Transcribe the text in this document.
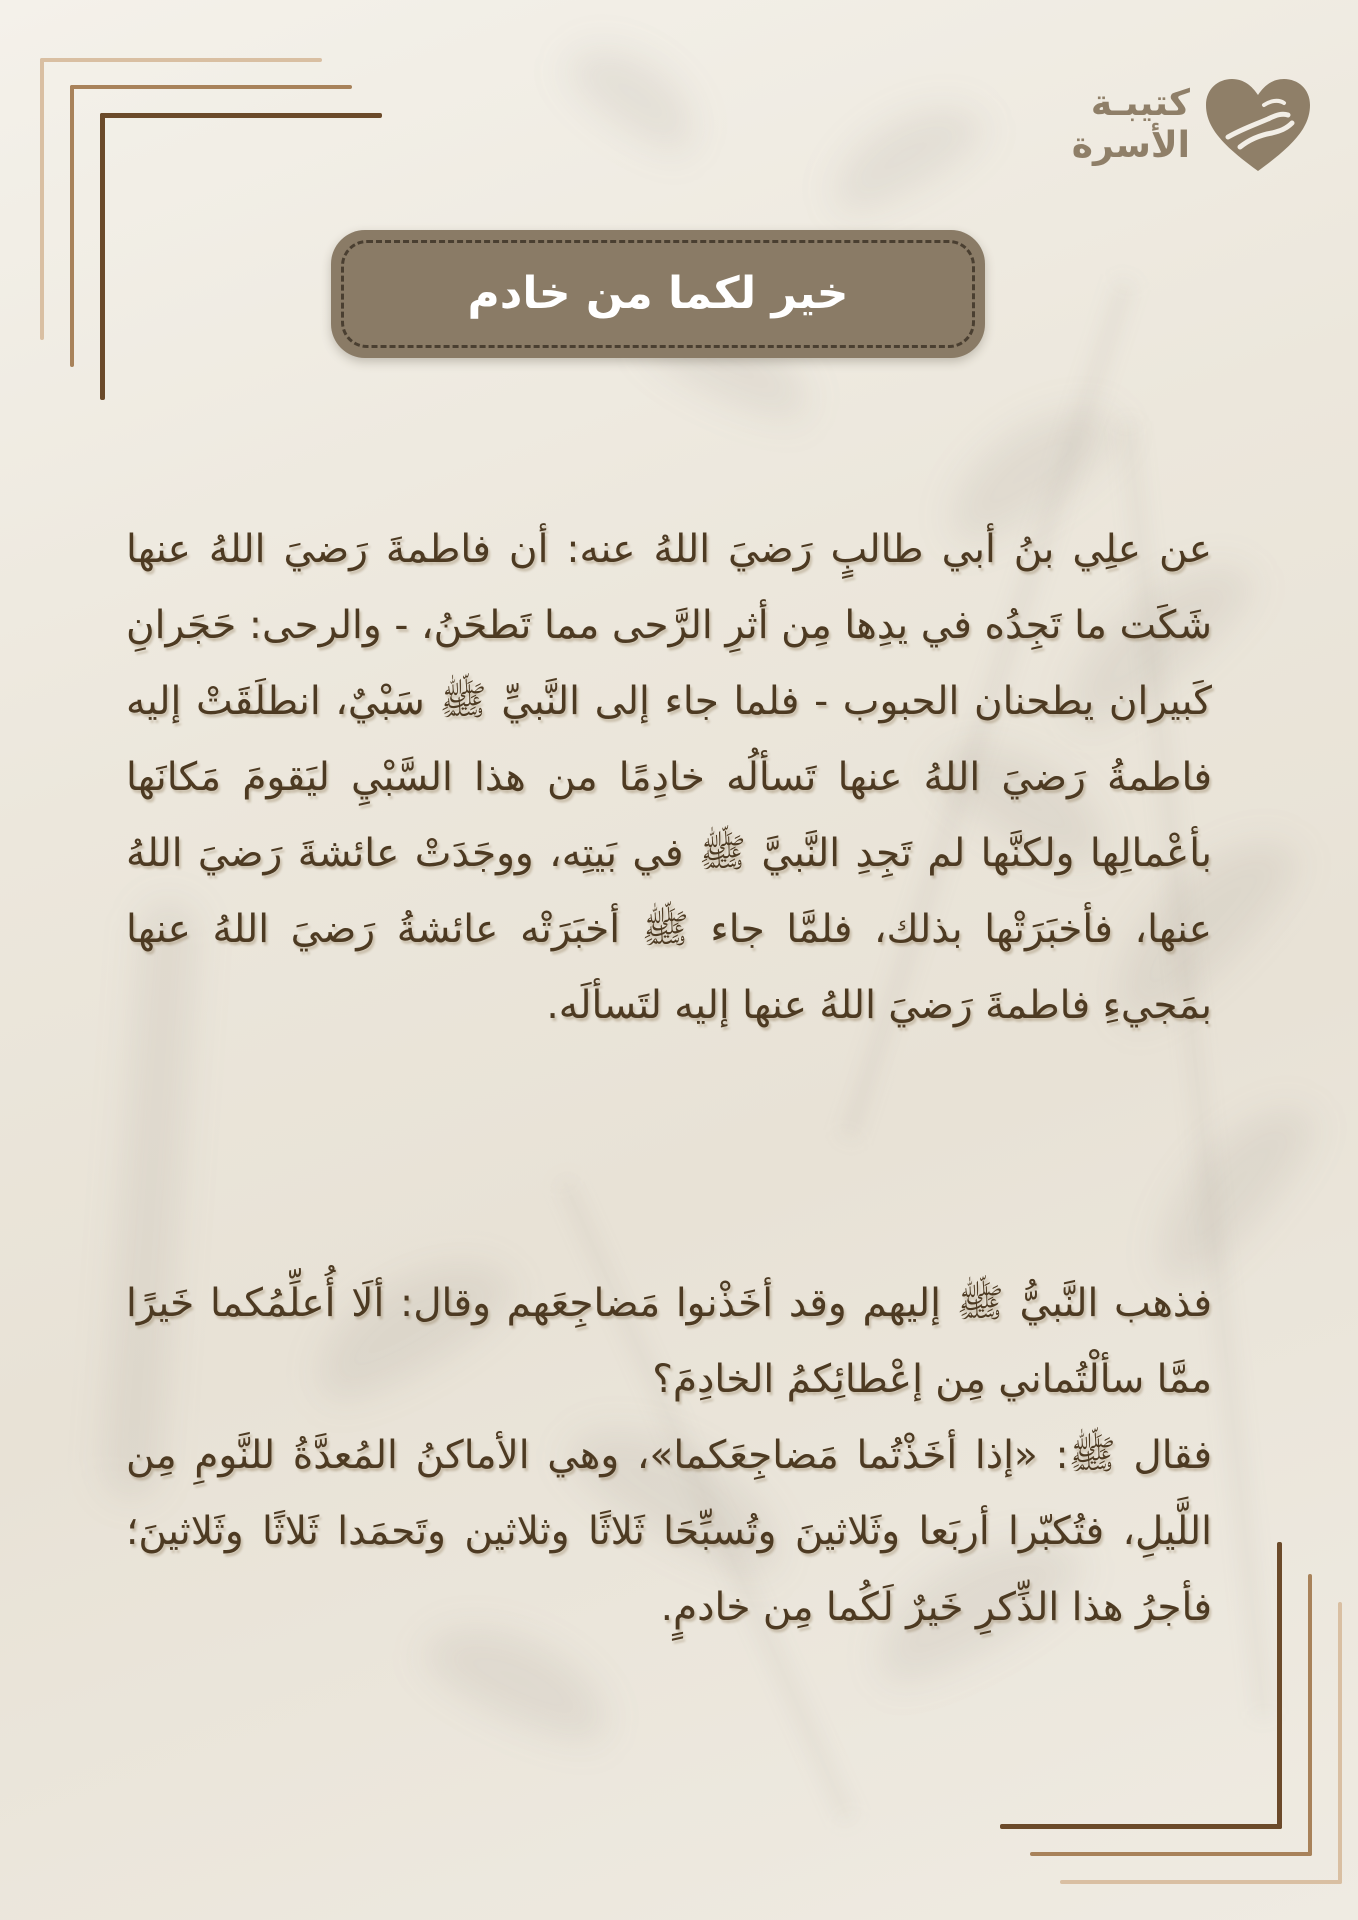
كتيبـة
الأسرة
خير لكما من خادم

عن علِي بنُ أبي طالبٍ رَضيَ اللهُ عنه: أن فاطمةَ رَضيَ اللهُ عنها شَكَت ما تَجِدُه في يدِها مِن أثرِ الرَّحى مما تَطحَنُ، - والرحى: حَجَرانِ كَبيران يطحنان الحبوب - فلما جاء إلى النَّبيِّ ﷺ سَبْيٌ، انطلَقَتْ إليه فاطمةُ رَضيَ اللهُ عنها تَسألُه خادِمًا من هذا السَّبْيِ ليَقومَ مَكانَها بأعْمالِها ولكنَّها لم تَجِدِ النَّبيَّ ﷺ في بَيتِه، ووجَدَتْ عائشةَ رَضيَ اللهُ عنها، فأخبَرَتْها بذلك، فلمَّا جاء ﷺ أخبَرَتْه عائشةُ رَضيَ اللهُ عنها بمَجيءِ فاطمةَ رَضيَ اللهُ عنها إليه لتَسألَه.

فذهب النَّبيُّ ﷺ إليهم وقد أخَذْنوا مَضاجِعَهم وقال: ألَا أُعلِّمُكما خَيرًا ممَّا سألْتُماني مِن إعْطائِكمُ الخادِمَ؟

فقال ﷺ: «إذا أخَذْتُما مَضاجِعَكما»، وهي الأماكنُ المُعدَّةُ للنَّومِ مِن اللَّيلِ، فتُكبّرا أربَعا وثَلاثينَ وتُسبِّحَا ثَلاثًا وثلاثين وتَحمَدا ثَلاثًا وثَلاثينَ؛ فأجرُ هذا الذِّكرِ خَيرٌ لَكُما مِن خادمٍ.
